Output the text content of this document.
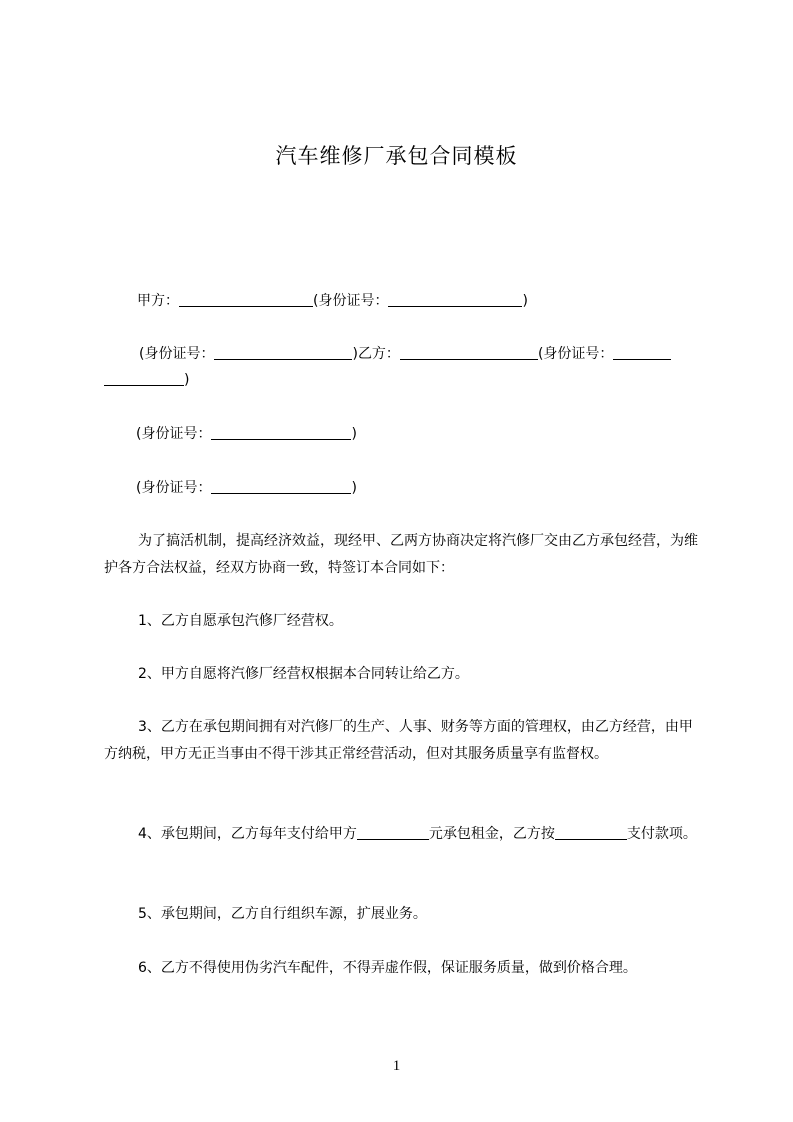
汽车维修厂承包合同模板
甲方：	(身份证号：	)
(身份证号：	)乙方：	(身份证号：
)
(身份证号：	)
(身份证号：	)
为了搞活机制，提高经济效益，现经甲、乙两方协商决定将汽修厂交由乙方承包经营，为维护各方合法权益，经双方协商一致，特签订本合同如下：
1、乙方自愿承包汽修厂经营权。
2、甲方自愿将汽修厂经营权根据本合同转让给乙方。
3、乙方在承包期间拥有对汽修厂的生产、人事、财务等方面的管理权，由乙方经营，由甲方纳税，甲方无正当事由不得干涉其正常经营活动，但对其服务质量享有监督权。
4、承包期间，乙方每年支付给甲方	元承包租金，乙方按	支付款项。
5、承包期间，乙方自行组织车源，扩展业务。
6、乙方不得使用伪劣汽车配件，不得弄虚作假，保证服务质量，做到价格合理。
1
